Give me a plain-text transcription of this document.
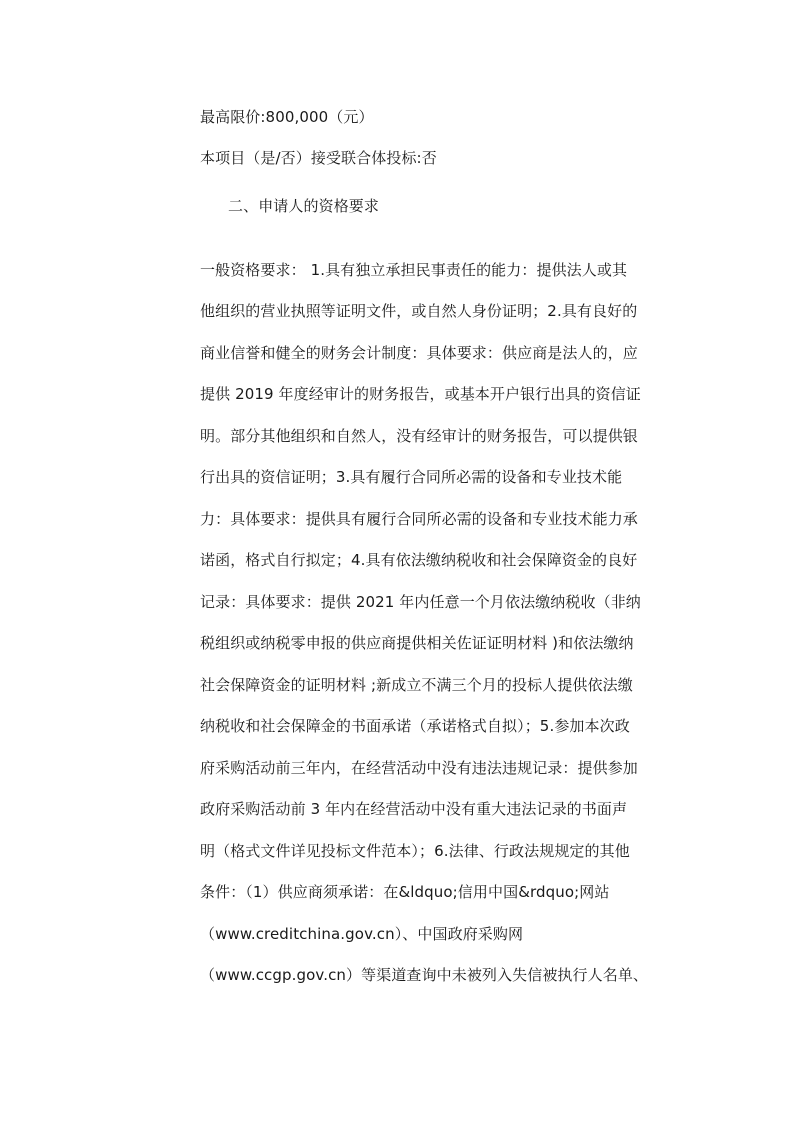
最高限价:800,000（元）
本项目（是/否）接受联合体投标:否
二、申请人的资格要求
一般资格要求： 1.具有独立承担民事责任的能力：提供法人或其
他组织的营业执照等证明文件，或自然人身份证明；2.具有良好的
商业信誉和健全的财务会计制度：具体要求：供应商是法人的，应
提供 2019 年度经审计的财务报告，或基本开户银行出具的资信证
明。部分其他组织和自然人，没有经审计的财务报告，可以提供银
行出具的资信证明；3.具有履行合同所必需的设备和专业技术能
力：具体要求：提供具有履行合同所必需的设备和专业技术能力承
诺函，格式自行拟定；4.具有依法缴纳税收和社会保障资金的良好
记录：具体要求：提供 2021 年内任意一个月依法缴纳税收（非纳
税组织或纳税零申报的供应商提供相关佐证证明材料 )和依法缴纳
社会保障资金的证明材料 ;新成立不满三个月的投标人提供依法缴
纳税收和社会保障金的书面承诺（承诺格式自拟）；5.参加本次政
府采购活动前三年内，在经营活动中没有违法违规记录：提供参加
政府采购活动前 3 年内在经营活动中没有重大违法记录的书面声
明（格式文件详见投标文件范本）；6.法律、行政法规规定的其他
条件：（1）供应商须承诺：在&ldquo;信用中国&rdquo;网站
（www.creditchina.gov.cn）、中国政府采购网
（www.ccgp.gov.cn）等渠道查询中未被列入失信被执行人名单、
